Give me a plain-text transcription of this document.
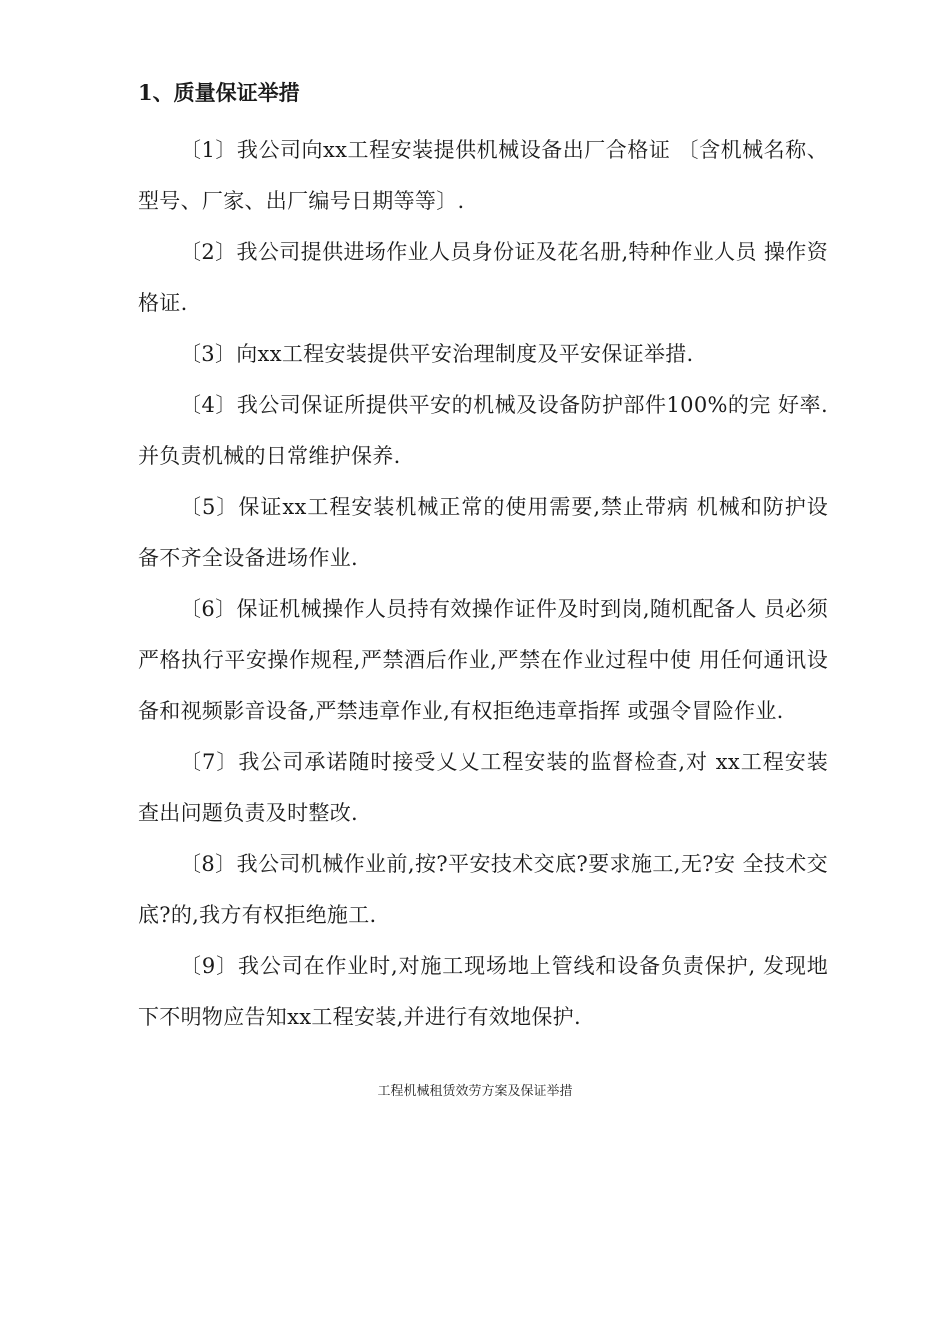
1、质量保证举措

〔1〕我公司向xx工程安装提供机械设备出厂合格证 〔含机械名称、型号、厂家、出厂编号日期等等〕.

〔2〕我公司提供进场作业人员身份证及花名册,特种作业人员 操作资格证.

〔3〕向xx工程安装提供平安治理制度及平安保证举措.

〔4〕我公司保证所提供平安的机械及设备防护部件100%的完 好率.并负责机械的日常维护保养.

〔5〕保证xx工程安装机械正常的使用需要,禁止带病 机械和防护设备不齐全设备进场作业.

〔6〕保证机械操作人员持有效操作证件及时到岗,随机配备人 员必须严格执行平安操作规程,严禁酒后作业,严禁在作业过程中使 用任何通讯设备和视频影音设备,严禁违章作业,有权拒绝违章指挥 或强令冒险作业.

〔7〕我公司承诺随时接受乂乂工程安装的监督检查,对 xx工程安装查出问题负责及时整改.

〔8〕我公司机械作业前,按?平安技术交底?要求施工,无?安 全技术交底?的,我方有权拒绝施工.

〔9〕我公司在作业时,对施工现场地上管线和设备负责保护, 发现地下不明物应告知xx工程安装,并进行有效地保护.

工程机械租赁效劳方案及保证举措
